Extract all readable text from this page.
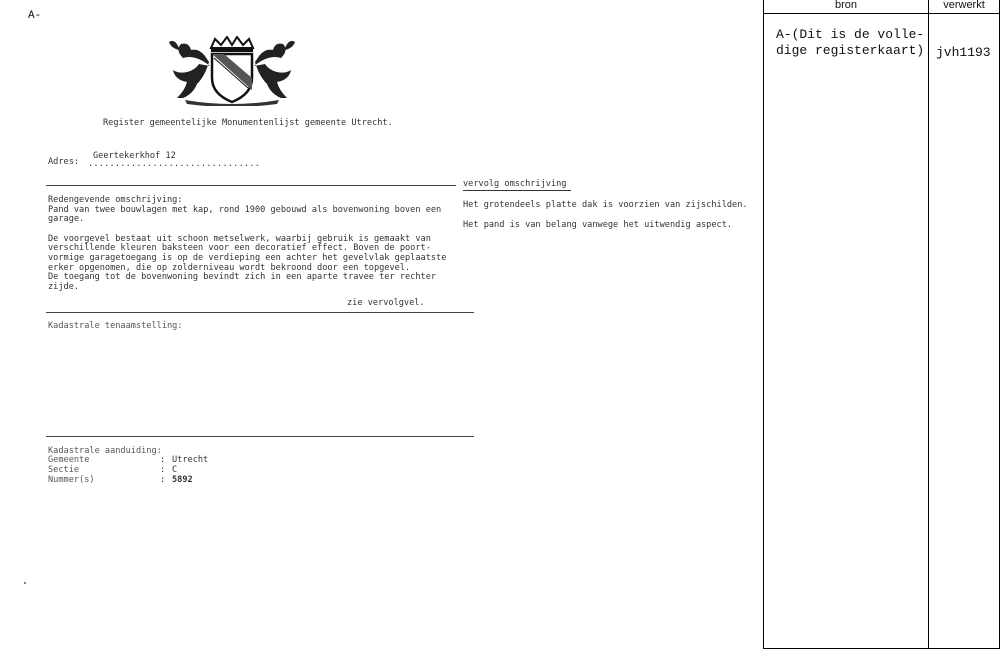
A-
Register gemeentelijke Monumentenlijst gemeente Utrecht.
Adres:
Geertekerkhof 12
................................
Redengevende omschrijving:
Pand van twee bouwlagen met kap, rond 1900 gebouwd als bovenwoning boven een
garage.
De voorgevel bestaat uit schoon metselwerk, waarbij gebruik is gemaakt van
verschillende kleuren baksteen voor een decoratief effect. Boven de poort-
vormige garagetoegang is op de verdieping een achter het gevelvlak geplaatste
erker opgenomen, die op zolderniveau wordt bekroond door een topgevel.
De toegang tot de bovenwoning bevindt zich in een aparte travee ter rechter
zijde.
zie vervolgvel.
vervolg omschrijving
Het grotendeels platte dak is voorzien van zijschilden.
Het pand is van belang vanwege het uitwendig aspect.
Kadastrale tenaamstelling:
Kadastrale aanduiding:
Gemeente	: Utrecht
Sectie	: C
Nummer(s)	: 5892
bron	verwerkt
A-(Dit is de volle-
dige registerkaart) jvh1193
